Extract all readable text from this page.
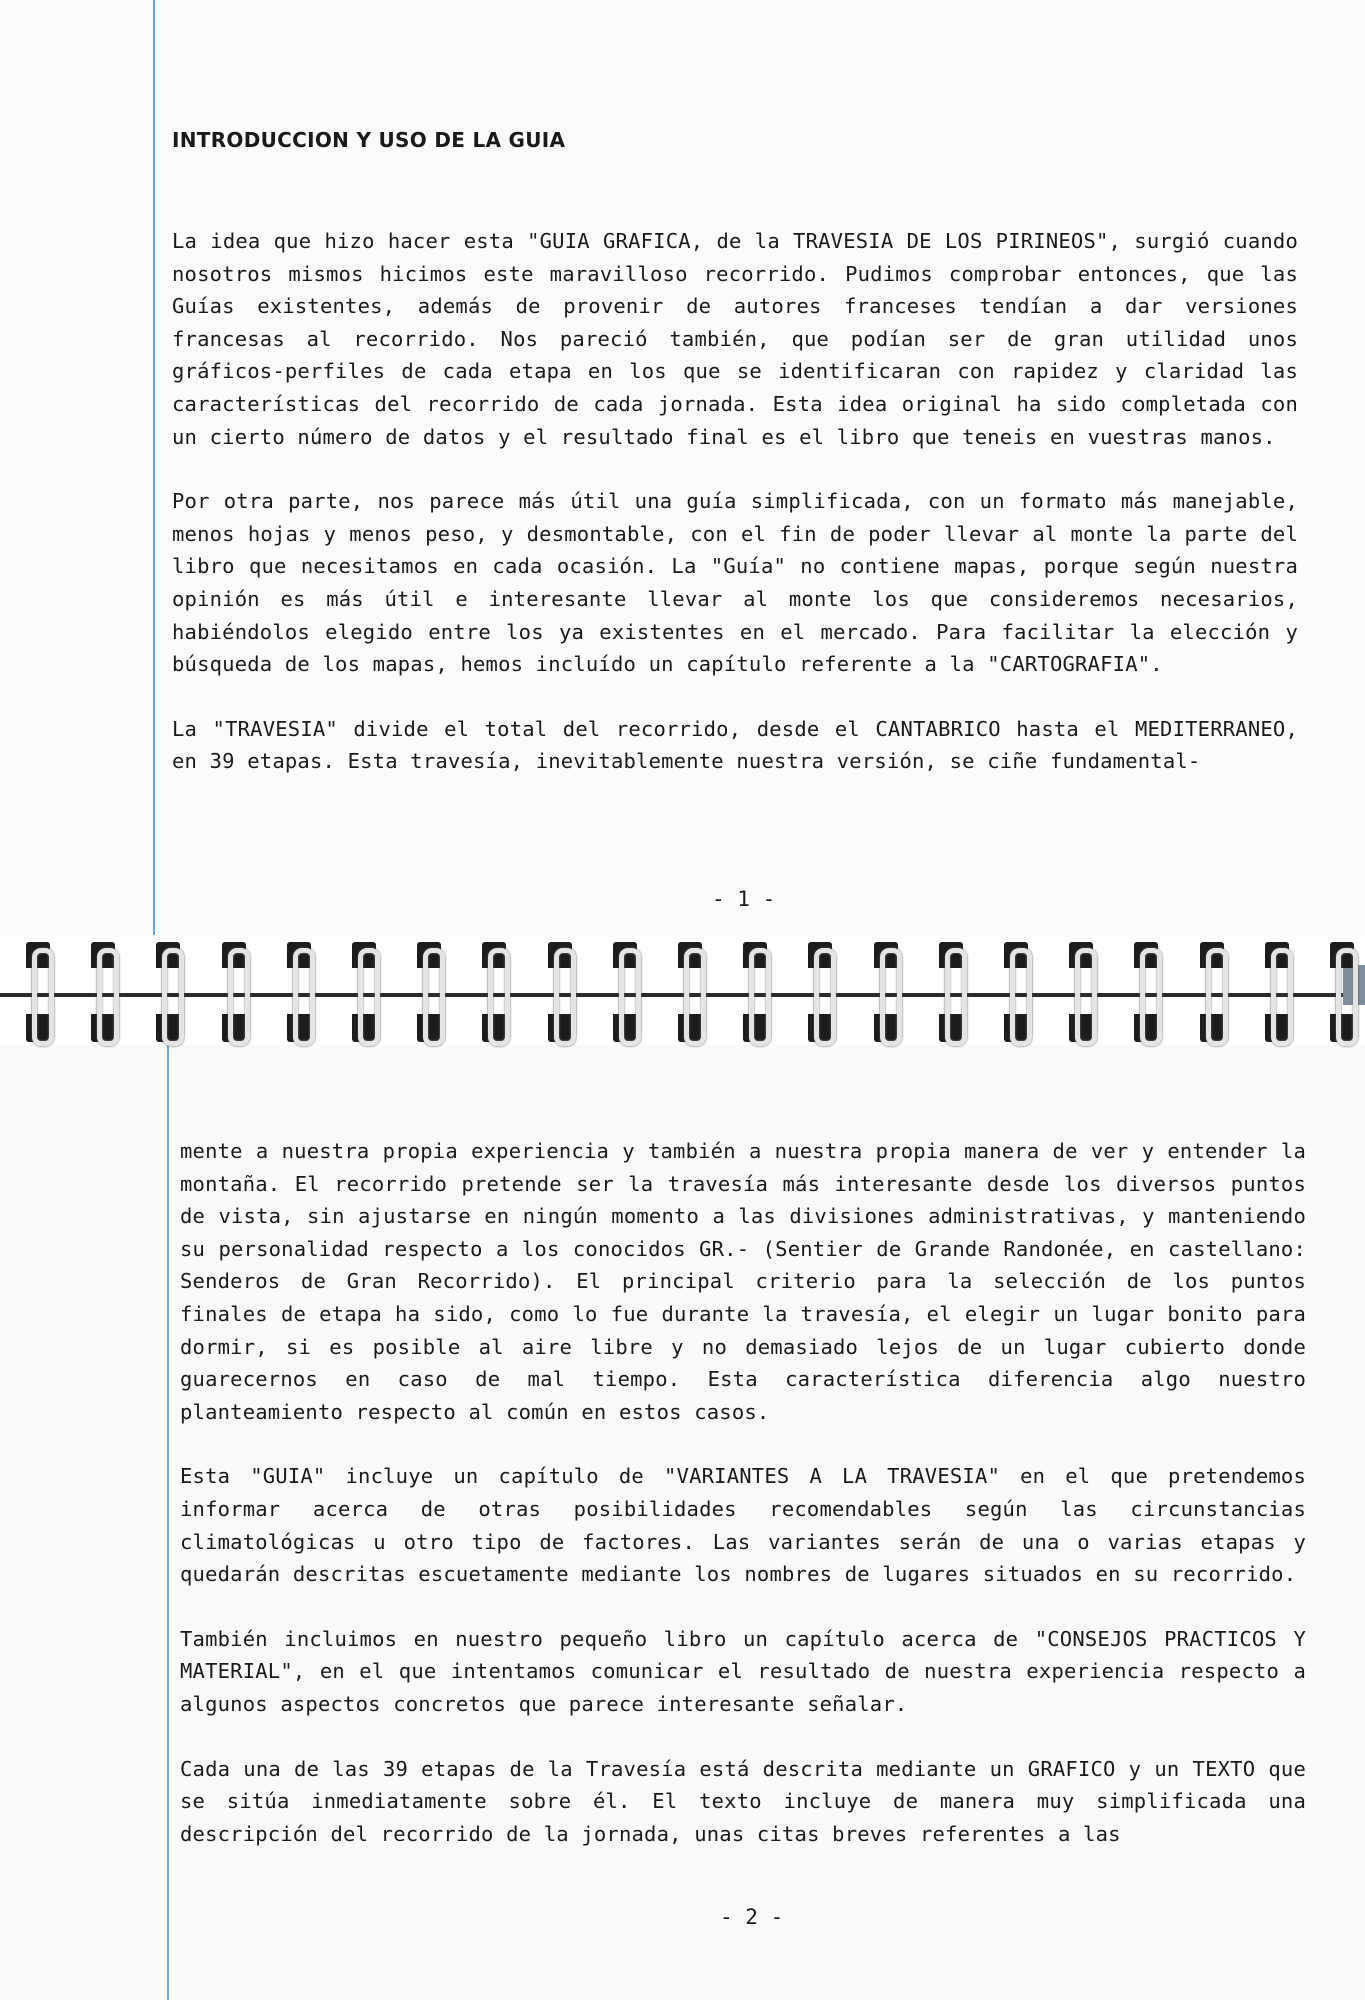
INTRODUCCION Y USO DE LA GUIA

La idea que hizo hacer esta "GUIA GRAFICA, de la TRAVESIA DE LOS PIRINEOS", surgió cuando nosotros mismos hicimos este maravilloso recorrido. Pudimos comprobar entonces, que las Guías existentes, además de provenir de autores franceses tendían a dar versiones francesas al recorrido. Nos pareció también, que podían ser de gran utilidad unos gráficos-perfiles de cada etapa en los que se identificaran con rapidez y claridad las características del recorrido de cada jornada. Esta idea original ha sido completada con un cierto número de datos y el resultado final es el libro que teneis en vuestras manos.

Por otra parte, nos parece más útil una guía simplificada, con un formato más manejable, menos hojas y menos peso, y desmontable, con el fin de poder llevar al monte la parte del libro que necesitamos en cada ocasión. La "Guía" no contiene mapas, porque según nuestra opinión es más útil e interesante llevar al monte los que consideremos necesarios, habiéndolos elegido entre los ya existentes en el mercado. Para facilitar la elección y búsqueda de los mapas, hemos incluído un capítulo referente a la "CARTOGRAFIA".

La "TRAVESIA" divide el total del recorrido, desde el CANTABRICO hasta el MEDITERRANEO, en 39 etapas. Esta travesía, inevitablemente nuestra versión, se ciñe fundamental-

- 1 -

mente a nuestra propia experiencia y también a nuestra propia manera de ver y entender la montaña. El recorrido pretende ser la travesía más interesante desde los diversos puntos de vista, sin ajustarse en ningún momento a las divisiones administrativas, y manteniendo su personalidad respecto a los conocidos GR.- (Sentier de Grande Randonée, en castellano: Senderos de Gran Recorrido). El principal criterio para la selección de los puntos finales de etapa ha sido, como lo fue durante la travesía, el elegir un lugar bonito para dormir, si es posible al aire libre y no demasiado lejos de un lugar cubierto donde guarecernos en caso de mal tiempo. Esta característica diferencia algo nuestro planteamiento respecto al común en estos casos.

Esta "GUIA" incluye un capítulo de "VARIANTES A LA TRAVESIA" en el que pretendemos informar acerca de otras posibilidades recomendables según las circunstancias climatológicas u otro tipo de factores. Las variantes serán de una o varias etapas y quedarán descritas escuetamente mediante los nombres de lugares situados en su recorrido.

También incluimos en nuestro pequeño libro un capítulo acerca de "CONSEJOS PRACTICOS Y MATERIAL", en el que intentamos comunicar el resultado de nuestra experiencia respecto a algunos aspectos concretos que parece interesante señalar.

Cada una de las 39 etapas de la Travesía está descrita mediante un GRAFICO y un TEXTO que se sitúa inmediatamente sobre él. El texto incluye de manera muy simplificada una descripción del recorrido de la jornada, unas citas breves referentes a las

- 2 -
